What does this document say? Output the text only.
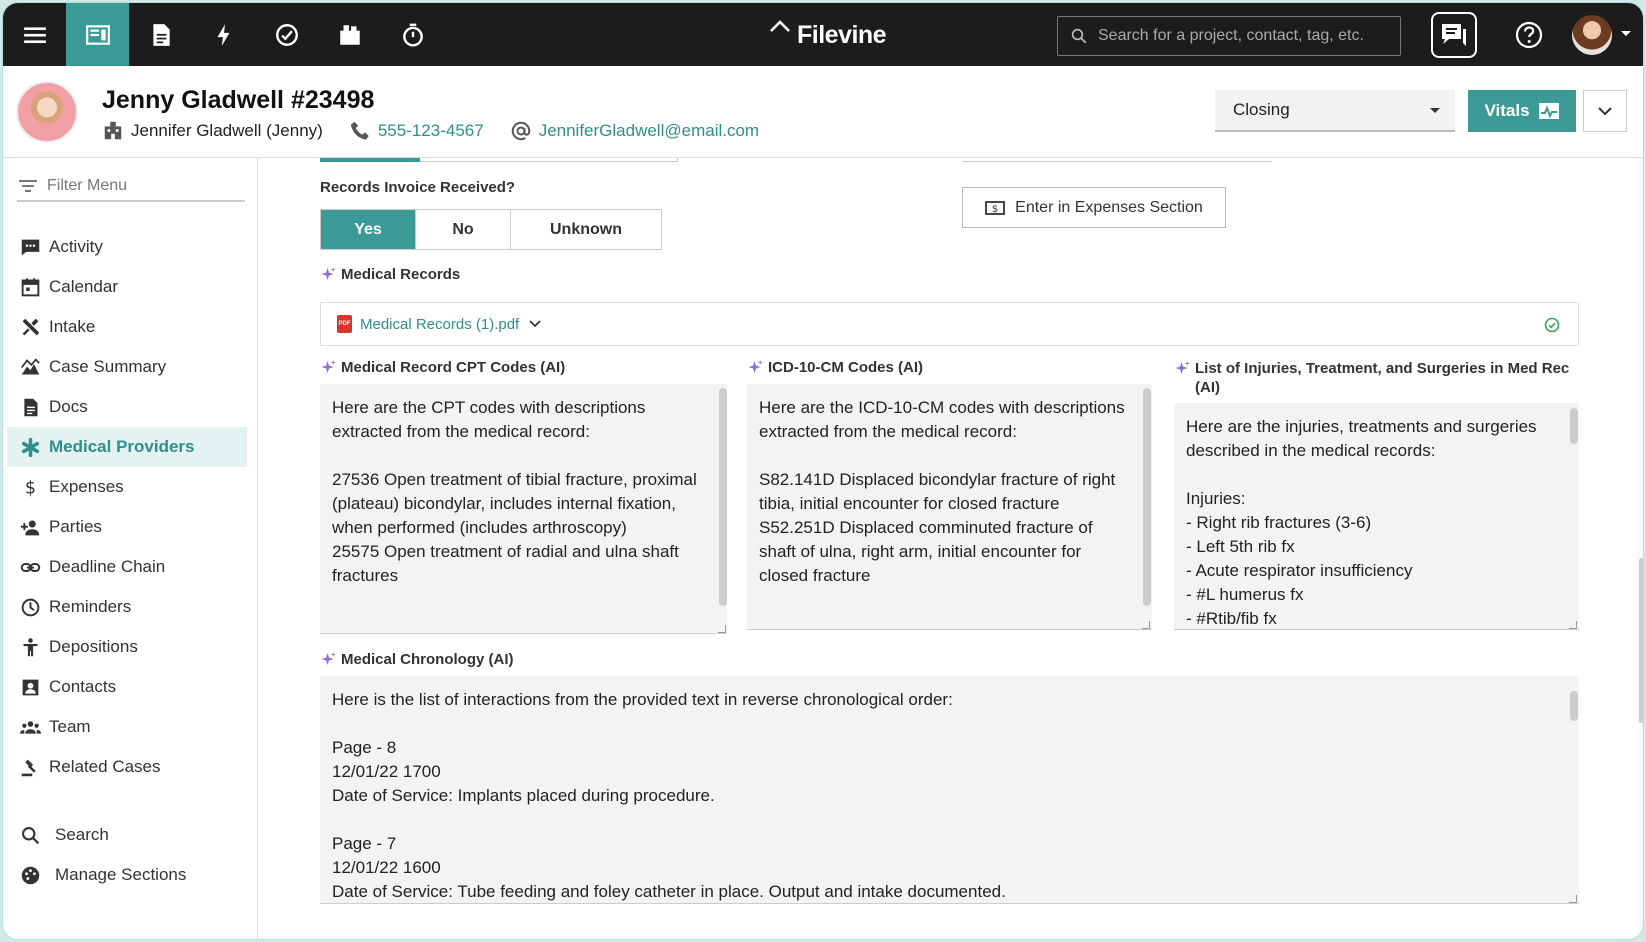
Filevine	Search for a project, contact, tag, etc.
Jenny Gladwell #23498
Jennifer Gladwell (Jenny)	555-123-4567	JenniferGladwell@email.com
Closing	Vitals
Filter Menu
Activity
Calendar
Intake
Case Summary
Docs
Medical Providers
$ Expenses
Parties
Deadline Chain
Reminders
Depositions
Contacts
Team
Related Cases
Search
Manage Sections
Records Invoice Received?
Yes	No	Unknown
$ Enter in Expenses Section
Medical Records
PDF Medical Records (1).pdf
Medical Record CPT Codes (AI)
Here are the CPT codes with descriptions extracted from the medical record:

27536 Open treatment of tibial fracture, proximal (plateau) bicondylar, includes internal fixation, when performed (includes arthroscopy)
25575 Open treatment of radial and ulna shaft fractures
ICD-10-CM Codes (AI)
Here are the ICD-10-CM codes with descriptions extracted from the medical record:

S82.141D Displaced bicondylar fracture of right tibia, initial encounter for closed fracture
S52.251D Displaced comminuted fracture of shaft of ulna, right arm, initial encounter for closed fracture
List of Injuries, Treatment, and Surgeries in Med Rec (AI)
Here are the injuries, treatments and surgeries described in the medical records:

Injuries:
- Right rib fractures (3-6)
- Left 5th rib fx
- Acute respirator insufficiency
- #L humerus fx
- #Rtib/fib fx
Medical Chronology (AI)
Here is the list of interactions from the provided text in reverse chronological order:

Page - 8
12/01/22 1700
Date of Service: Implants placed during procedure.

Page - 7
12/01/22 1600
Date of Service: Tube feeding and foley catheter in place. Output and intake documented.
